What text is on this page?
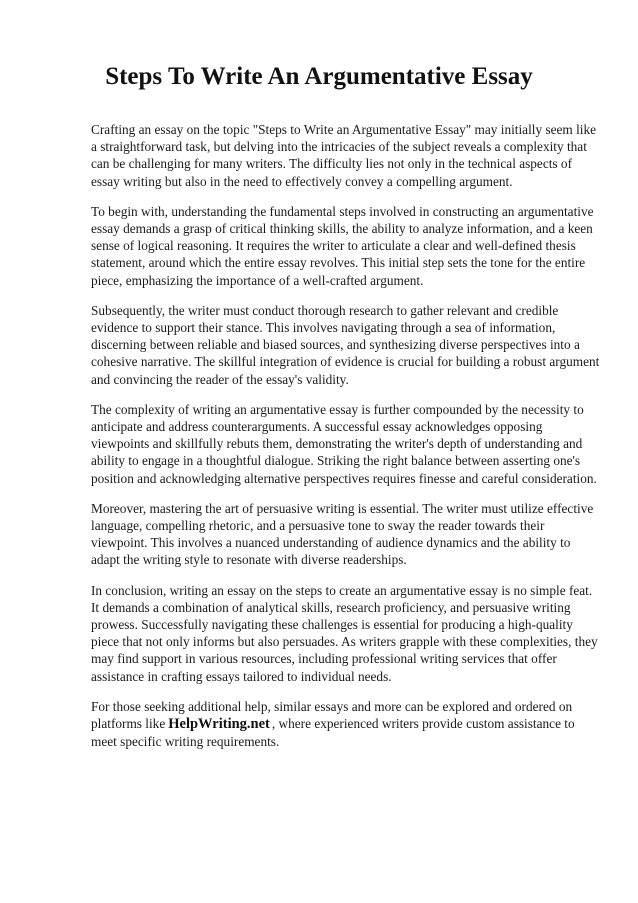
Steps To Write An Argumentative Essay

Crafting an essay on the topic "Steps to Write an Argumentative Essay" may initially seem like a straightforward task, but delving into the intricacies of the subject reveals a complexity that can be challenging for many writers. The difficulty lies not only in the technical aspects of essay writing but also in the need to effectively convey a compelling argument.

To begin with, understanding the fundamental steps involved in constructing an argumentative essay demands a grasp of critical thinking skills, the ability to analyze information, and a keen sense of logical reasoning. It requires the writer to articulate a clear and well-defined thesis statement, around which the entire essay revolves. This initial step sets the tone for the entire piece, emphasizing the importance of a well-crafted argument.

Subsequently, the writer must conduct thorough research to gather relevant and credible evidence to support their stance. This involves navigating through a sea of information, discerning between reliable and biased sources, and synthesizing diverse perspectives into a cohesive narrative. The skillful integration of evidence is crucial for building a robust argument and convincing the reader of the essay's validity.

The complexity of writing an argumentative essay is further compounded by the necessity to anticipate and address counterarguments. A successful essay acknowledges opposing viewpoints and skillfully rebuts them, demonstrating the writer's depth of understanding and ability to engage in a thoughtful dialogue. Striking the right balance between asserting one's position and acknowledging alternative perspectives requires finesse and careful consideration.

Moreover, mastering the art of persuasive writing is essential. The writer must utilize effective language, compelling rhetoric, and a persuasive tone to sway the reader towards their viewpoint. This involves a nuanced understanding of audience dynamics and the ability to adapt the writing style to resonate with diverse readerships.

In conclusion, writing an essay on the steps to create an argumentative essay is no simple feat. It demands a combination of analytical skills, research proficiency, and persuasive writing prowess. Successfully navigating these challenges is essential for producing a high-quality piece that not only informs but also persuades. As writers grapple with these complexities, they may find support in various resources, including professional writing services that offer assistance in crafting essays tailored to individual needs.

For those seeking additional help, similar essays and more can be explored and ordered on platforms like HelpWriting.net , where experienced writers provide custom assistance to meet specific writing requirements.
